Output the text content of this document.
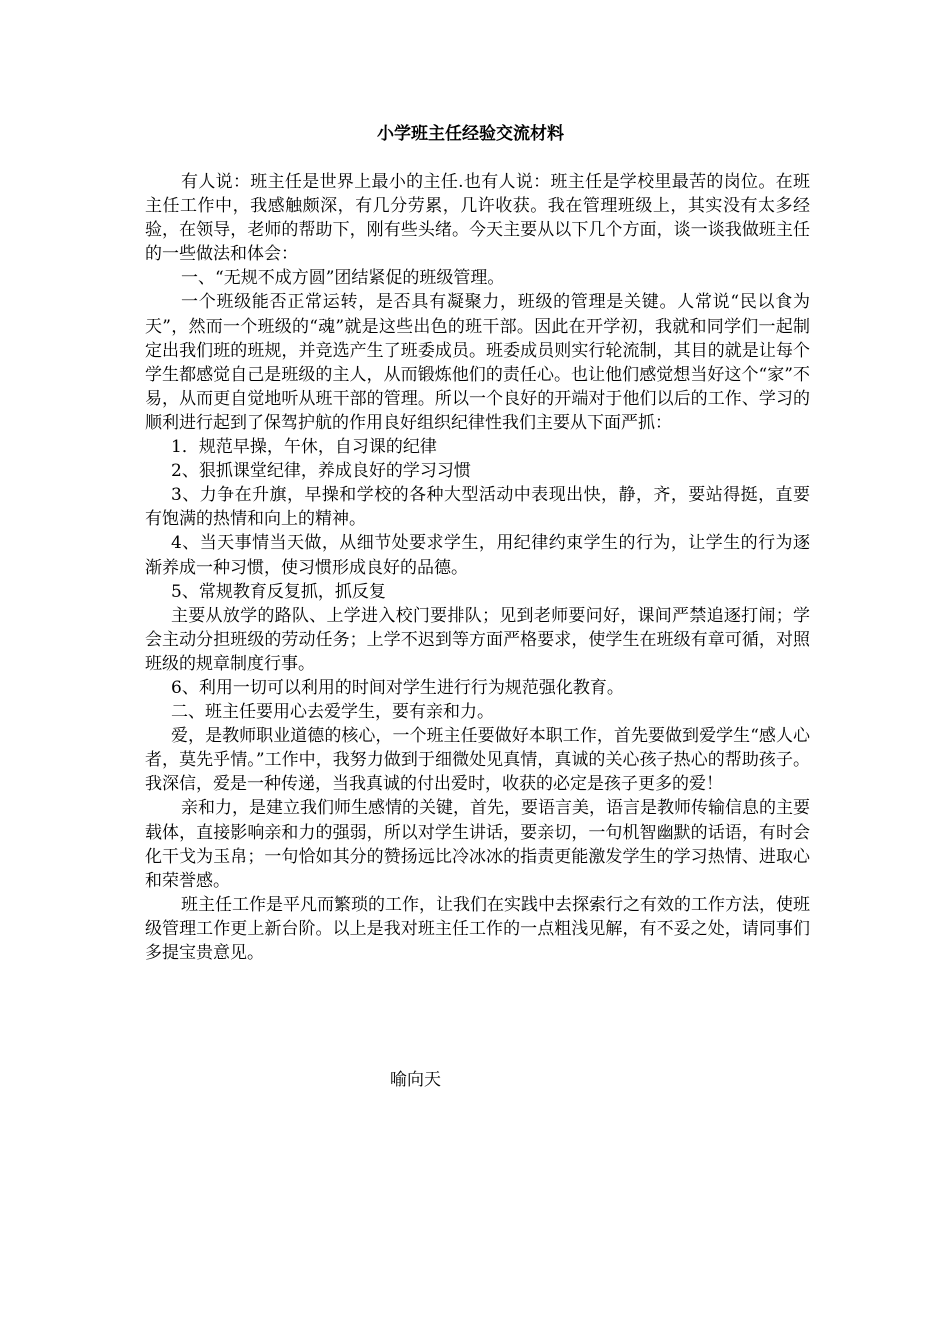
小学班主任经验交流材料

有人说：班主任是世界上最小的主任.也有人说：班主任是学校里最苦的岗位。在班主任工作中，我感触颇深，有几分劳累，几许收获。我在管理班级上，其实没有太多经验，在领导，老师的帮助下，刚有些头绪。今天主要从以下几个方面，谈一谈我做班主任的一些做法和体会：

一、“无规不成方圆”团结紧促的班级管理。

一个班级能否正常运转，是否具有凝聚力，班级的管理是关键。人常说“民以食为天”，然而一个班级的“魂”就是这些出色的班干部。因此在开学初，我就和同学们一起制定出我们班的班规，并竞选产生了班委成员。班委成员则实行轮流制，其目的就是让每个学生都感觉自己是班级的主人，从而锻炼他们的责任心。也让他们感觉想当好这个“家”不易，从而更自觉地听从班干部的管理。所以一个良好的开端对于他们以后的工作、学习的顺利进行起到了保驾护航的作用良好组织纪律性我们主要从下面严抓：

1．规范早操，午休，自习课的纪律

2、狠抓课堂纪律，养成良好的学习习惯

3、力争在升旗，早操和学校的各种大型活动中表现出快，静，齐，要站得挺，直要有饱满的热情和向上的精神。

4、当天事情当天做，从细节处要求学生，用纪律约束学生的行为，让学生的行为逐渐养成一种习惯，使习惯形成良好的品德。

5、常规教育反复抓，抓反复

主要从放学的路队、上学进入校门要排队；见到老师要问好，课间严禁追逐打闹；学会主动分担班级的劳动任务；上学不迟到等方面严格要求，使学生在班级有章可循，对照班级的规章制度行事。

6、利用一切可以利用的时间对学生进行行为规范强化教育。

二、班主任要用心去爱学生，要有亲和力。

爱，是教师职业道德的核心，一个班主任要做好本职工作，首先要做到爱学生“感人心者，莫先乎情。”工作中，我努力做到于细微处见真情，真诚的关心孩子热心的帮助孩子。我深信，爱是一种传递，当我真诚的付出爱时，收获的必定是孩子更多的爱！

亲和力，是建立我们师生感情的关键，首先，要语言美，语言是教师传输信息的主要载体，直接影响亲和力的强弱，所以对学生讲话，要亲切，一句机智幽默的话语，有时会化干戈为玉帛；一句恰如其分的赞扬远比冷冰冰的指责更能激发学生的学习热情、进取心和荣誉感。

班主任工作是平凡而繁琐的工作，让我们在实践中去探索行之有效的工作方法，使班级管理工作更上新台阶。以上是我对班主任工作的一点粗浅见解，有不妥之处，请同事们多提宝贵意见。

喻向天
